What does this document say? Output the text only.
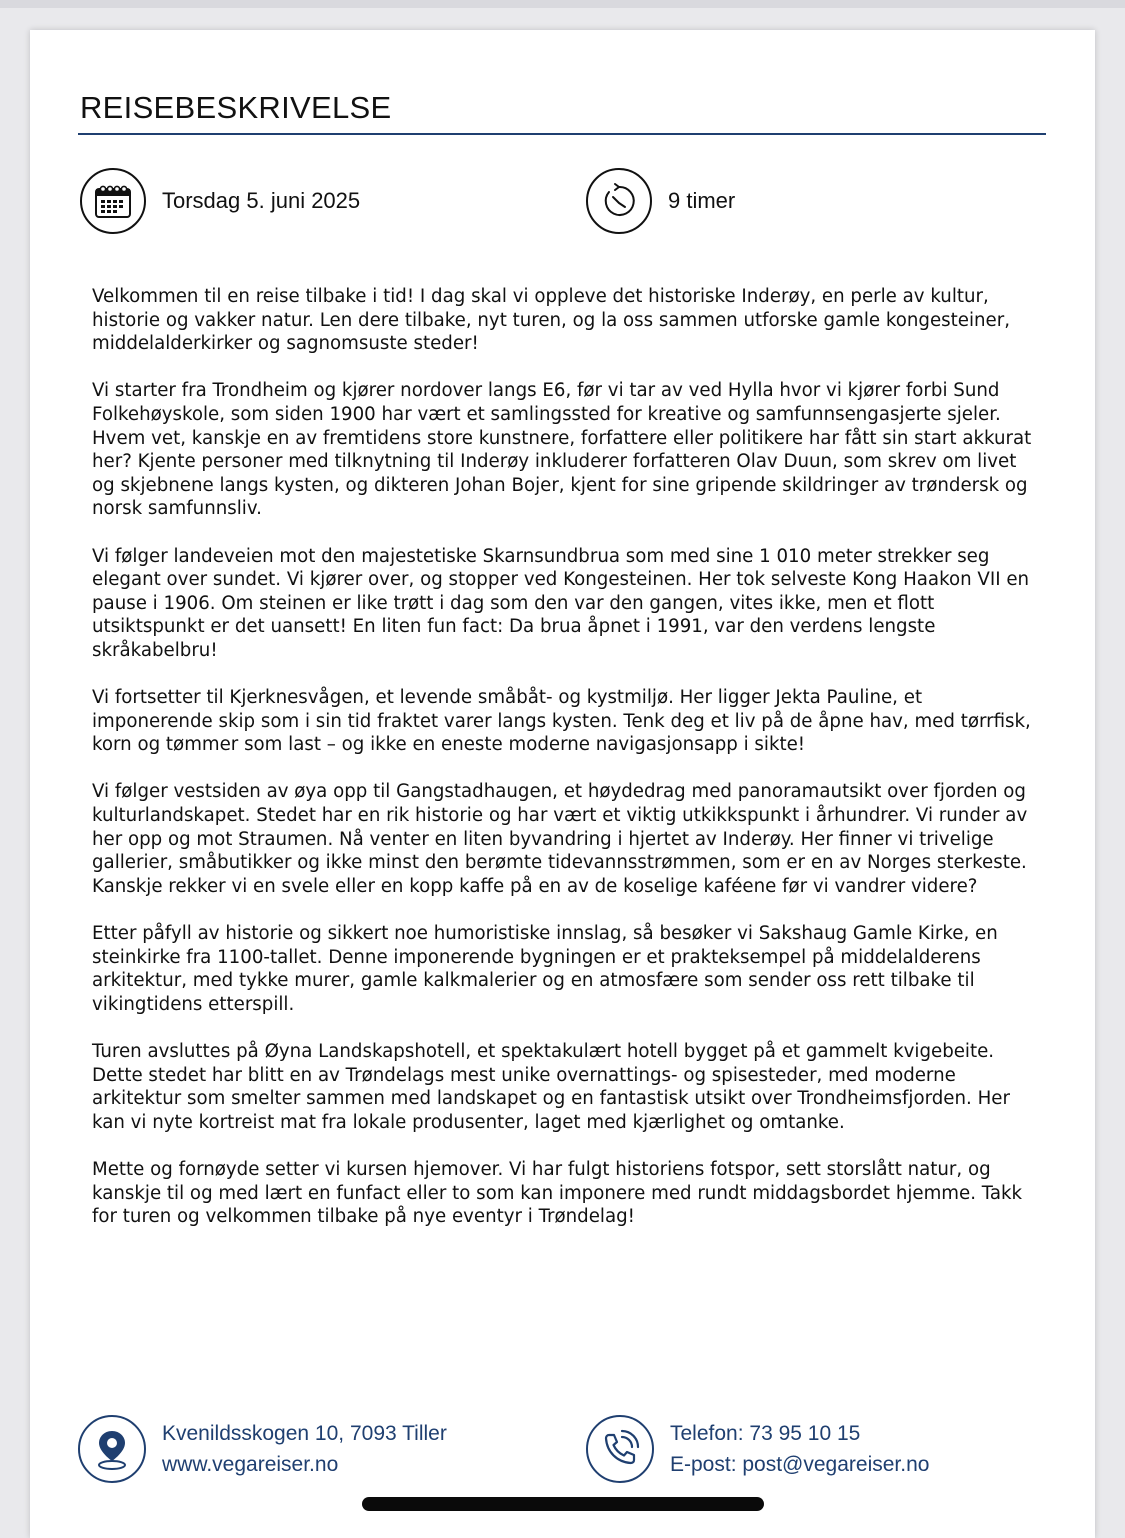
REISEBESKRIVELSE
Torsdag 5. juni 2025	9 timer

Velkommen til en reise tilbake i tid! I dag skal vi oppleve det historiske Inderøy, en perle av kultur, historie og vakker natur. Len dere tilbake, nyt turen, og la oss sammen utforske gamle kongesteiner, middelalderkirker og sagnomsuste steder!

Vi starter fra Trondheim og kjører nordover langs E6, før vi tar av ved Hylla hvor vi kjører forbi Sund Folkehøyskole, som siden 1900 har vært et samlingssted for kreative og samfunnsengasjerte sjeler. Hvem vet, kanskje en av fremtidens store kunstnere, forfattere eller politikere har fått sin start akkurat her? Kjente personer med tilknytning til Inderøy inkluderer forfatteren Olav Duun, som skrev om livet og skjebnene langs kysten, og dikteren Johan Bojer, kjent for sine gripende skildringer av trøndersk og norsk samfunnsliv.

Vi følger landeveien mot den majestetiske Skarnsundbrua som med sine 1 010 meter strekker seg elegant over sundet. Vi kjører over, og stopper ved Kongesteinen. Her tok selveste Kong Haakon VII en pause i 1906. Om steinen er like trøtt i dag som den var den gangen, vites ikke, men et flott utsiktspunkt er det uansett! En liten fun fact: Da brua åpnet i 1991, var den verdens lengste skråkabelbru!

Vi fortsetter til Kjerknesvågen, et levende småbåt- og kystmiljø. Her ligger Jekta Pauline, et imponerende skip som i sin tid fraktet varer langs kysten. Tenk deg et liv på de åpne hav, med tørrfisk, korn og tømmer som last – og ikke en eneste moderne navigasjonsapp i sikte!

Vi følger vestsiden av øya opp til Gangstadhaugen, et høydedrag med panoramautsikt over fjorden og kulturlandskapet. Stedet har en rik historie og har vært et viktig utkikkspunkt i århundrer. Vi runder av her opp og mot Straumen. Nå venter en liten byvandring i hjertet av Inderøy. Her finner vi trivelige gallerier, småbutikker og ikke minst den berømte tidevannsstrømmen, som er en av Norges sterkeste. Kanskje rekker vi en svele eller en kopp kaffe på en av de koselige kaféene før vi vandrer videre?

Etter påfyll av historie og sikkert noe humoristiske innslag, så besøker vi Sakshaug Gamle Kirke, en steinkirke fra 1100-tallet. Denne imponerende bygningen er et prakteksempel på middelalderens arkitektur, med tykke murer, gamle kalkmalerier og en atmosfære som sender oss rett tilbake til vikingtidens etterspill.

Turen avsluttes på Øyna Landskapshotell, et spektakulært hotell bygget på et gammelt kvigebeite. Dette stedet har blitt en av Trøndelags mest unike overnattings- og spisesteder, med moderne arkitektur som smelter sammen med landskapet og en fantastisk utsikt over Trondheimsfjorden. Her kan vi nyte kortreist mat fra lokale produsenter, laget med kjærlighet og omtanke.

Mette og fornøyde setter vi kursen hjemover. Vi har fulgt historiens fotspor, sett storslått natur, og kanskje til og med lært en funfact eller to som kan imponere med rundt middagsbordet hjemme. Takk for turen og velkommen tilbake på nye eventyr i Trøndelag!

Kvenildsskogen 10, 7093 Tiller
www.vegareiser.no
Telefon: 73 95 10 15
E-post: post@vegareiser.no
